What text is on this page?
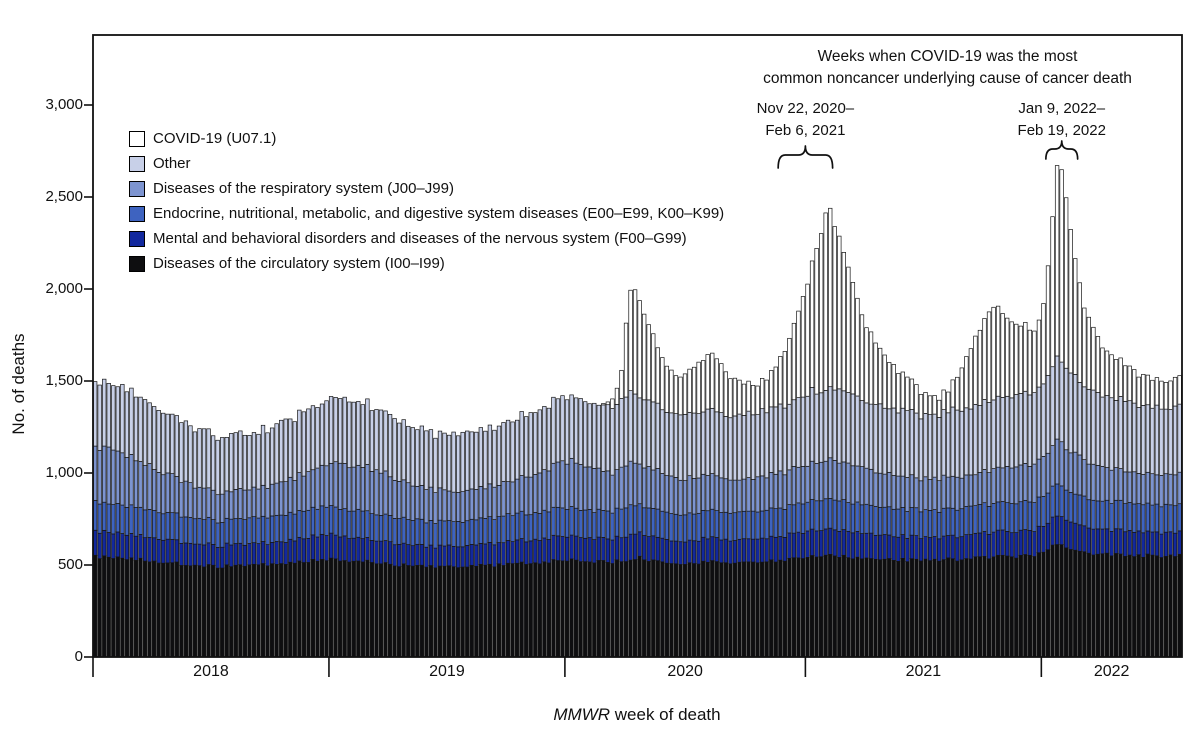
No. of deaths
0
500
1,000
1,500
2,000
2,500
3,000
2018	2019	2020	2021	2022
MMWR week of death
COVID-19 (U07.1)
Other
Diseases of the respiratory system (J00–J99)
Endocrine, nutritional, metabolic, and digestive system diseases (E00–E99, K00–K99)
Mental and behavioral disorders and diseases of the nervous system (F00–G99)
Diseases of the circulatory system (I00–I99)
Weeks when COVID-19 was the most
common noncancer underlying cause of cancer death
Nov 22, 2020–
Feb 6, 2021
Jan 9, 2022–
Feb 19, 2022
